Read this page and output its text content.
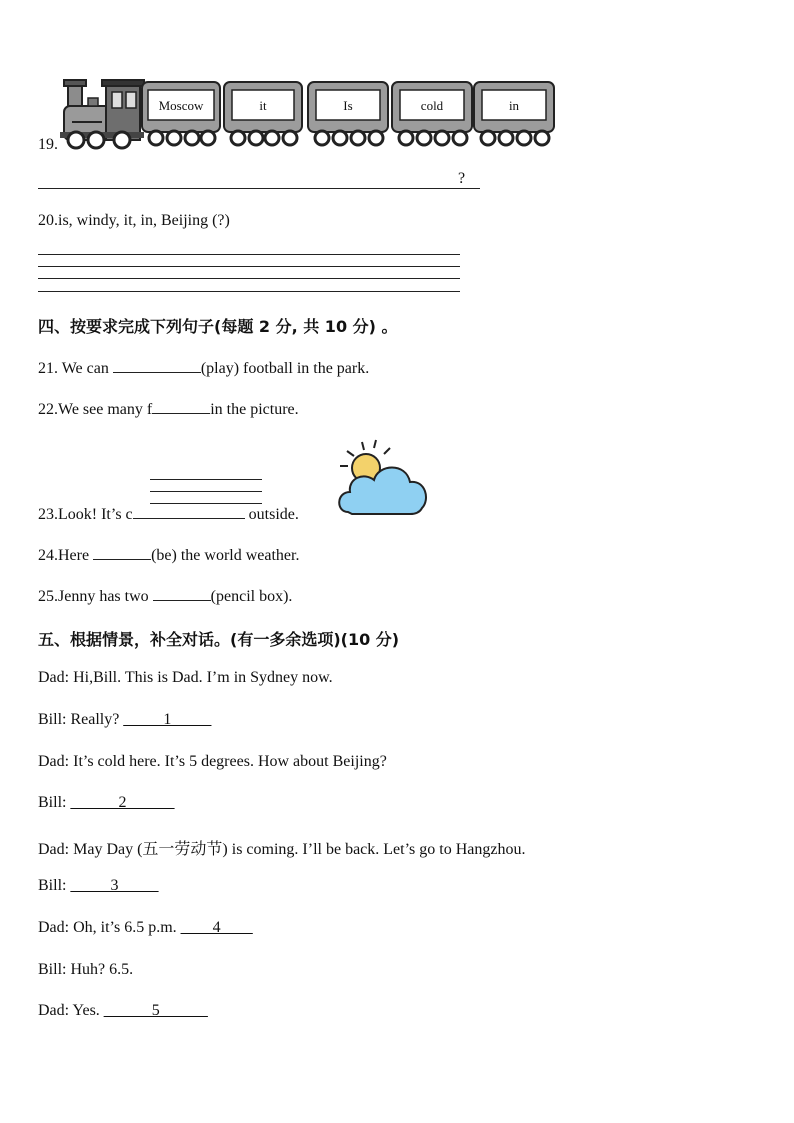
19.
Moscow	it	Is	cold	in
?
20.is, windy, it, in, Beijing (?)
四、按要求完成下列句子(每题 2 分, 共 10 分) 。
21. We can	(play) football in the park.
22.We see many f	in the picture.
23.Look! It’s c	outside.
24.Here	(be) the world weather.
25.Jenny has two	(pencil box).
五、根据情景，补全对话。(有一多余选项)(10 分)
Dad: Hi,Bill. This is Dad. I’m in Sydney now.
Bill: Really? _____1_____
Dad: It’s cold here. It’s 5 degrees. How about Beijing?
Bill: ______2______
Dad: May Day (五一劳动节) is coming. I’ll be back. Let’s go to Hangzhou.
Bill: _____3_____
Dad: Oh, it’s 6.5 p.m. ____4____
Bill: Huh? 6.5.
Dad: Yes. ______5______
